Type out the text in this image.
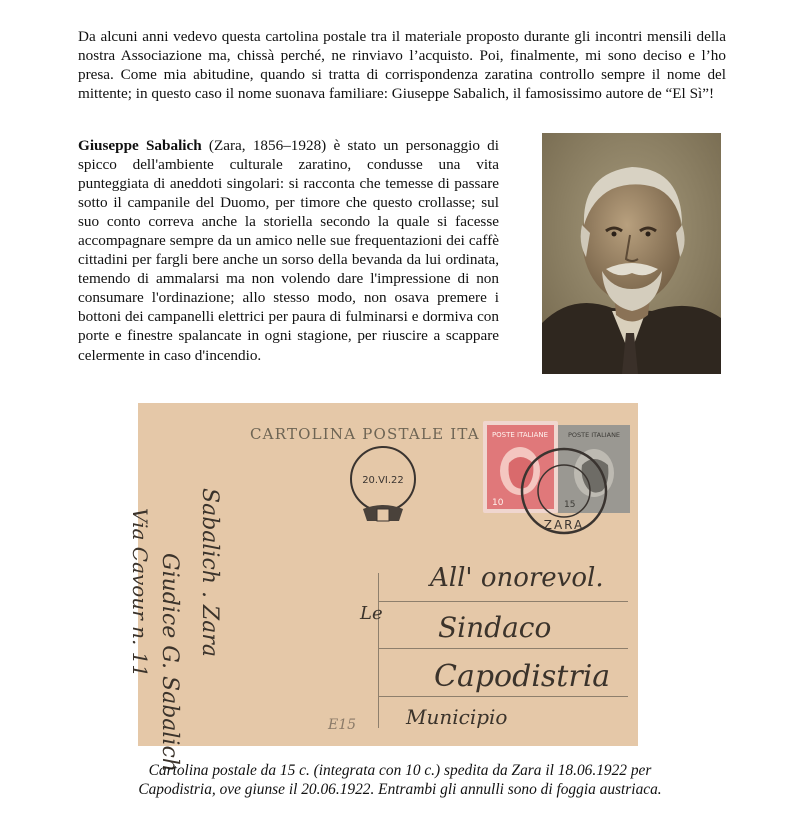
Da alcuni anni vedevo questa cartolina postale tra il materiale proposto durante gli incontri mensili della nostra Associazione ma, chissà perché, ne rinviavo l’acquisto. Poi, finalmente, mi sono deciso e l’ho presa. Come mia abitudine, quando si tratta di corrispondenza zaratina controllo sempre il nome del mittente; in questo caso il nome suonava familiare: Giuseppe Sabalich, il famosissimo autore de “El Sì”!

Giuseppe Sabalich (Zara, 1856–1928) è stato un personaggio di spicco dell'ambiente culturale zaratino, condusse una vita punteggiata di aneddoti singolari: si racconta che temesse di passare sotto il campanile del Duomo, per timore che questo crollasse; sul suo conto correva anche la storiella secondo la quale si facesse accompagnare sempre da un amico nelle sue frequentazioni dei caffè cittadini per fargli bere anche un sorso della bevanda da lui ordinata, temendo di ammalarsi ma non volendo dare l'impressione di non consumare l'ordinazione; allo stesso modo, non osava premere i bottoni dei campanelli elettrici per paura di fulminarsi e dormiva con porte e finestre spalancate in ogni stagione, per riuscire a scappare celermente in caso d'incendio.

CARTOLINA POSTALE ITA POSTE ITALIANE
10
POSTE ITALIANE
15
ZARA
20.VI.22
All' onorevol.
Sindaco
Capodistria
Municipio
Le
E15
Giudice G. Sabalich Sabalich . Zara
Via Cavour n. 11

Cartolina postale da 15 c. (integrata con 10 c.) spedita da Zara il 18.06.1922 per
Capodistria, ove giunse il 20.06.1922. Entrambi gli annulli sono di foggia austriaca.
